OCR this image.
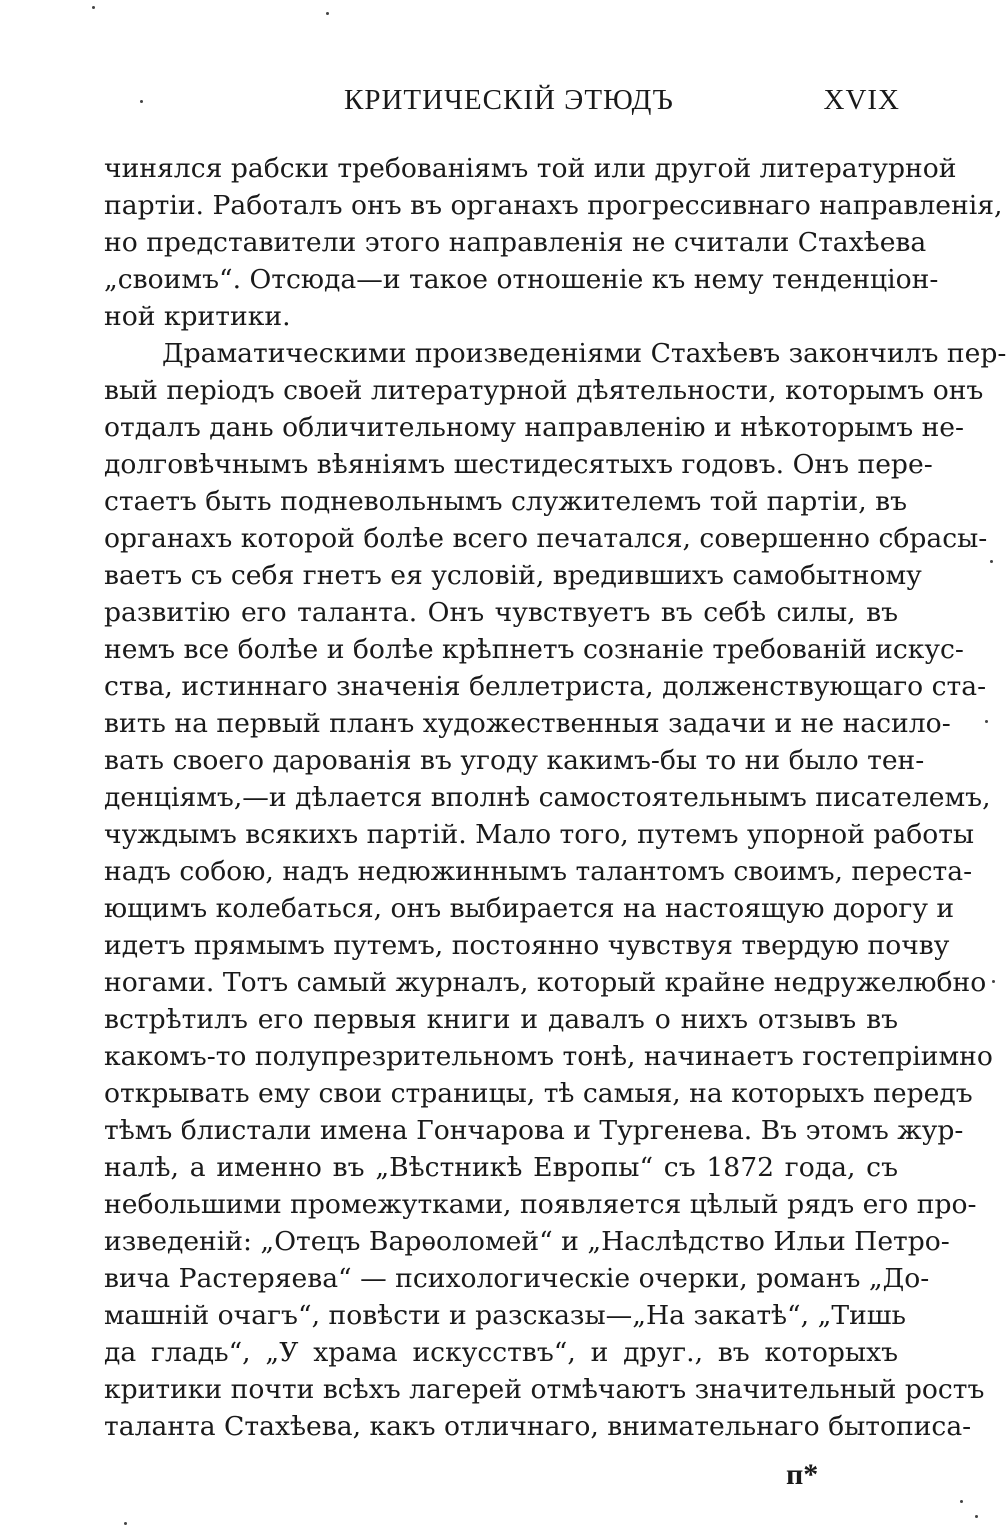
КРИТИЧЕСКІЙ ЭТЮДЪ	XVIX
чинялся рабски требованіямъ той или другой литературной
партіи. Работалъ онъ въ органахъ прогрессивнаго направленія,
но представители этого направленія не считали Стахѣева
„своимъ“. Отсюда—и такое отношеніе къ нему тенденціон-
ной критики.
Драматическими произведеніями Стахѣевъ закончилъ пер-
вый періодъ своей литературной дѣятельности, которымъ онъ
отдалъ дань обличительному направленію и нѣкоторымъ не-
долговѣчнымъ вѣяніямъ шестидесятыхъ годовъ. Онъ пере-
стаетъ быть подневольнымъ служителемъ той партіи, въ
органахъ которой болѣе всего печатался, совершенно сбрасы-
ваетъ съ себя гнетъ ея условій, вредившихъ самобытному
развитію его таланта. Онъ чувствуетъ въ себѣ силы, въ
немъ все болѣе и болѣе крѣпнетъ сознаніе требованій искус-
ства, истиннаго значенія беллетриста, долженствующаго ста-
вить на первый планъ художественныя задачи и не насило-
вать своего дарованія въ угоду какимъ-бы то ни было тен-
денціямъ,—и дѣлается вполнѣ самостоятельнымъ писателемъ,
чуждымъ всякихъ партій. Мало того, путемъ упорной работы
надъ собою, надъ недюжиннымъ талантомъ своимъ, переста-
ющимъ колебаться, онъ выбирается на настоящую дорогу и
идетъ прямымъ путемъ, постоянно чувствуя твердую почву
ногами. Тотъ самый журналъ, который крайне недружелюбно
встрѣтилъ его первыя книги и давалъ о нихъ отзывъ въ
какомъ-то полупрезрительномъ тонѣ, начинаетъ гостепріимно
открывать ему свои страницы, тѣ самыя, на которыхъ передъ
тѣмъ блистали имена Гончарова и Тургенева. Въ этомъ жур-
налѣ, а именно въ „Вѣстникѣ Европы“ съ 1872 года, съ
небольшими промежутками, появляется цѣлый рядъ его про-
изведеній: „Отецъ Варѳоломей“ и „Наслѣдство Ильи Петро-
вича Растеряева“ — психологическіе очерки, романъ „До-
машній очагъ“, повѣсти и разсказы—„На закатѣ“, „Тишь
да гладь“, „У храма искусствъ“, и друг., въ которыхъ
критики почти всѣхъ лагерей отмѣчаютъ значительный ростъ
таланта Стахѣева, какъ отличнаго, внимательнаго бытописа-
п*
